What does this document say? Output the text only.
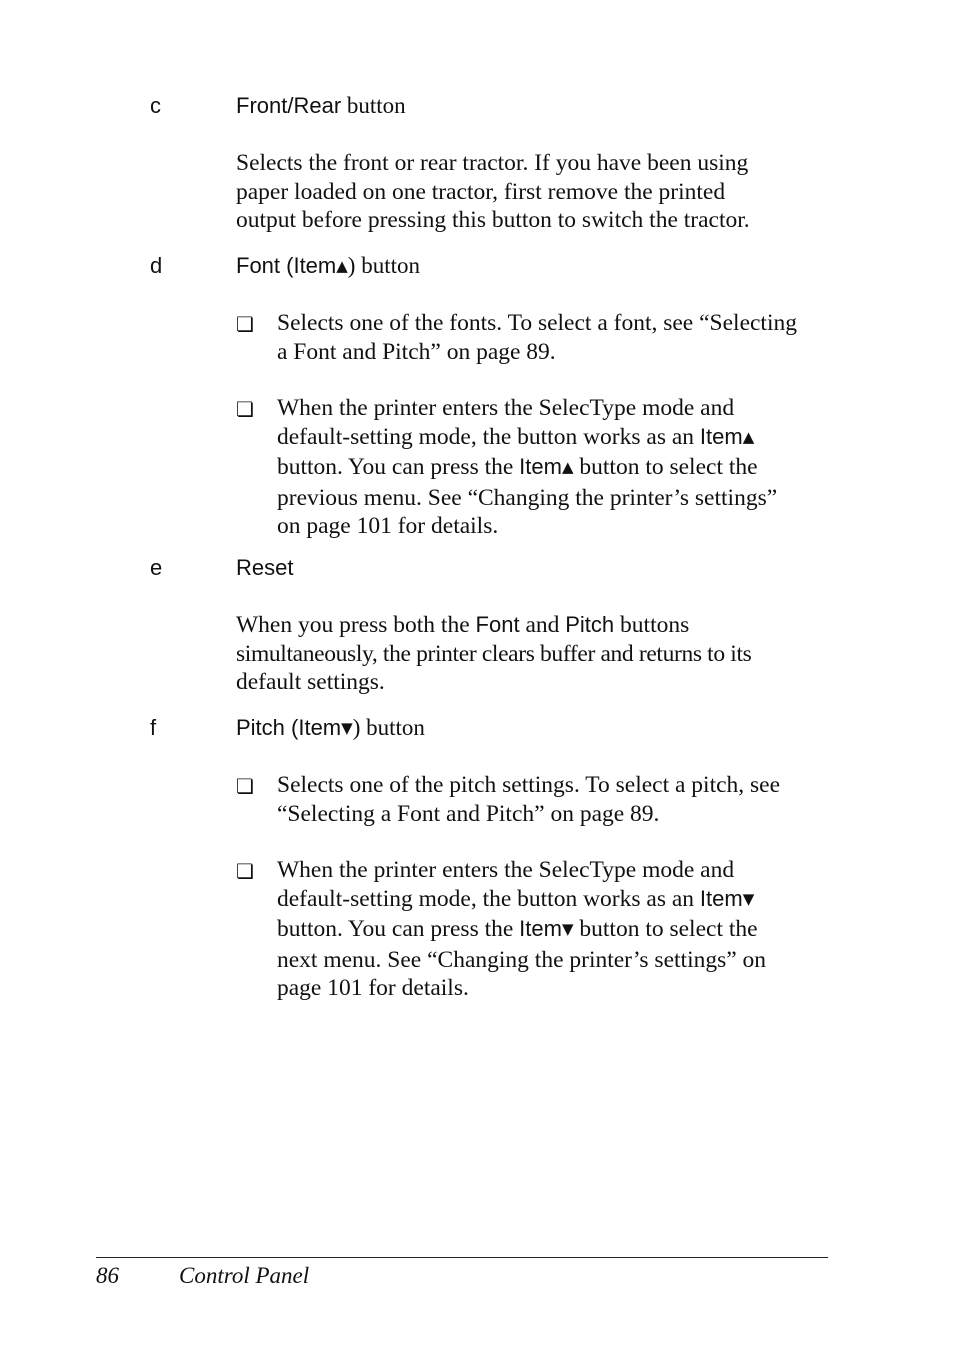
c	Front/Rear button
Selects the front or rear tractor. If you have been using
paper loaded on one tractor, first remove the printed
output before pressing this button to switch the tractor.
d	Font (Item▲) button
❏ Selects one of the fonts. To select a font, see “Selecting
a Font and Pitch” on page 89.
❏ When the printer enters the SelecType mode and
default-setting mode, the button works as an Item▲
button. You can press the Item▲ button to select the
previous menu. See “Changing the printer’s settings”
on page 101 for details.
e	Reset
When you press both the Font and Pitch buttons
simultaneously, the printer clears buffer and returns to its
default settings.
f	Pitch (Item▼) button
❏ Selects one of the pitch settings. To select a pitch, see
“Selecting a Font and Pitch” on page 89.
❏ When the printer enters the SelecType mode and
default-setting mode, the button works as an Item▼
button. You can press the Item▼ button to select the
next menu. See “Changing the printer’s settings” on
page 101 for details.
86	Control Panel
